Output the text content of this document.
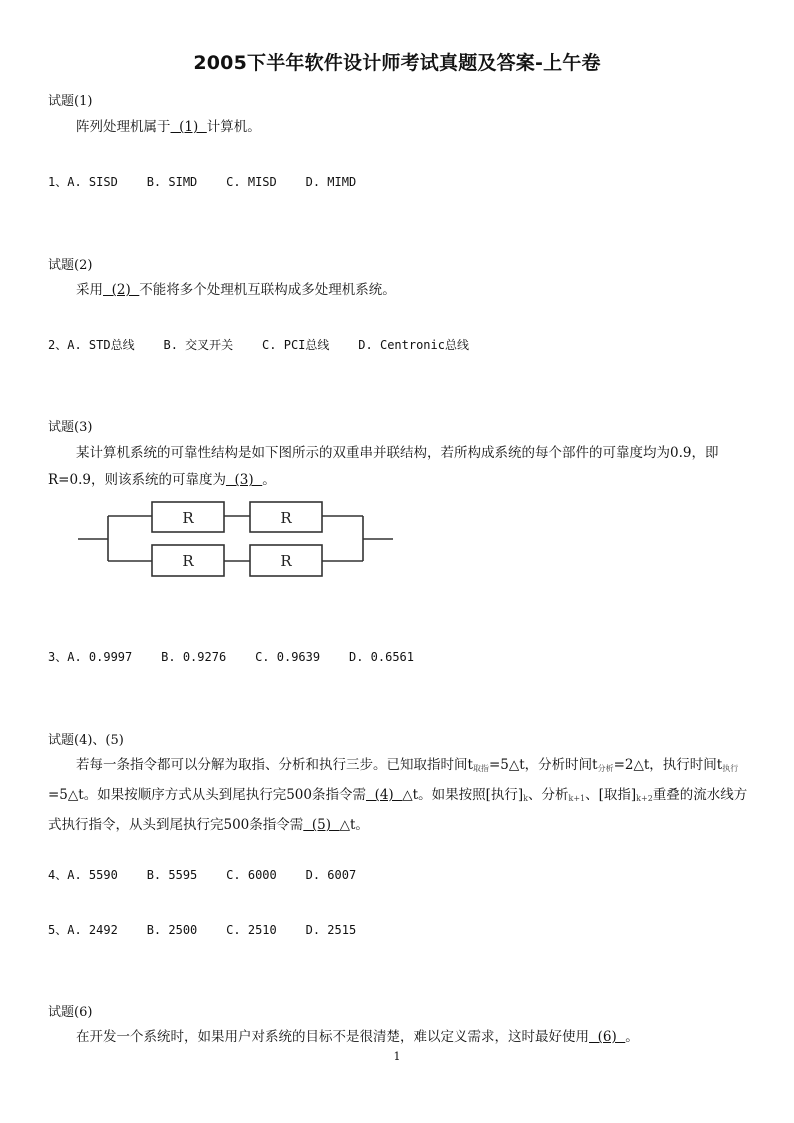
2005下半年软件设计师考试真题及答案-上午卷
试题(1)
阵列处理机属于  (1)  计算机。
1、A. SISD    B. SIMD    C. MISD    D. MIMD
试题(2)
采用  (2)  不能将多个处理机互联构成多处理机系统。
2、A. STD总线    B. 交叉开关    C. PCI总线    D. Centronic总线
试题(3)
某计算机系统的可靠性结构是如下图所示的双重串并联结构，若所构成系统的每个部件的可靠度均为0.9，即R=0.9，则该系统的可靠度为  (3)  。
R	R
R	R
3、A. 0.9997    B. 0.9276    C. 0.9639    D. 0.6561
试题(4)、(5)
若每一条指令都可以分解为取指、分析和执行三步。已知取指时间$t_{取指}=5\triangle t$，分析时间$t_{分析}=2\triangle t$，执行时间$t_{执行}=5\triangle t$。如果按顺序方式从头到尾执行完500条指令需  (4)  △t。如果按照[执行]$_k$、分析$_{k+1}$、[取指]$_{k+2}$重叠的流水线方式执行指令，从头到尾执行完500条指令需  (5)  △t。
4、A. 5590    B. 5595    C. 6000    D. 6007
5、A. 2492    B. 2500    C. 2510    D. 2515
试题(6)
在开发一个系统时，如果用户对系统的目标不是很清楚，难以定义需求，这时最好使用  (6)  。
1
